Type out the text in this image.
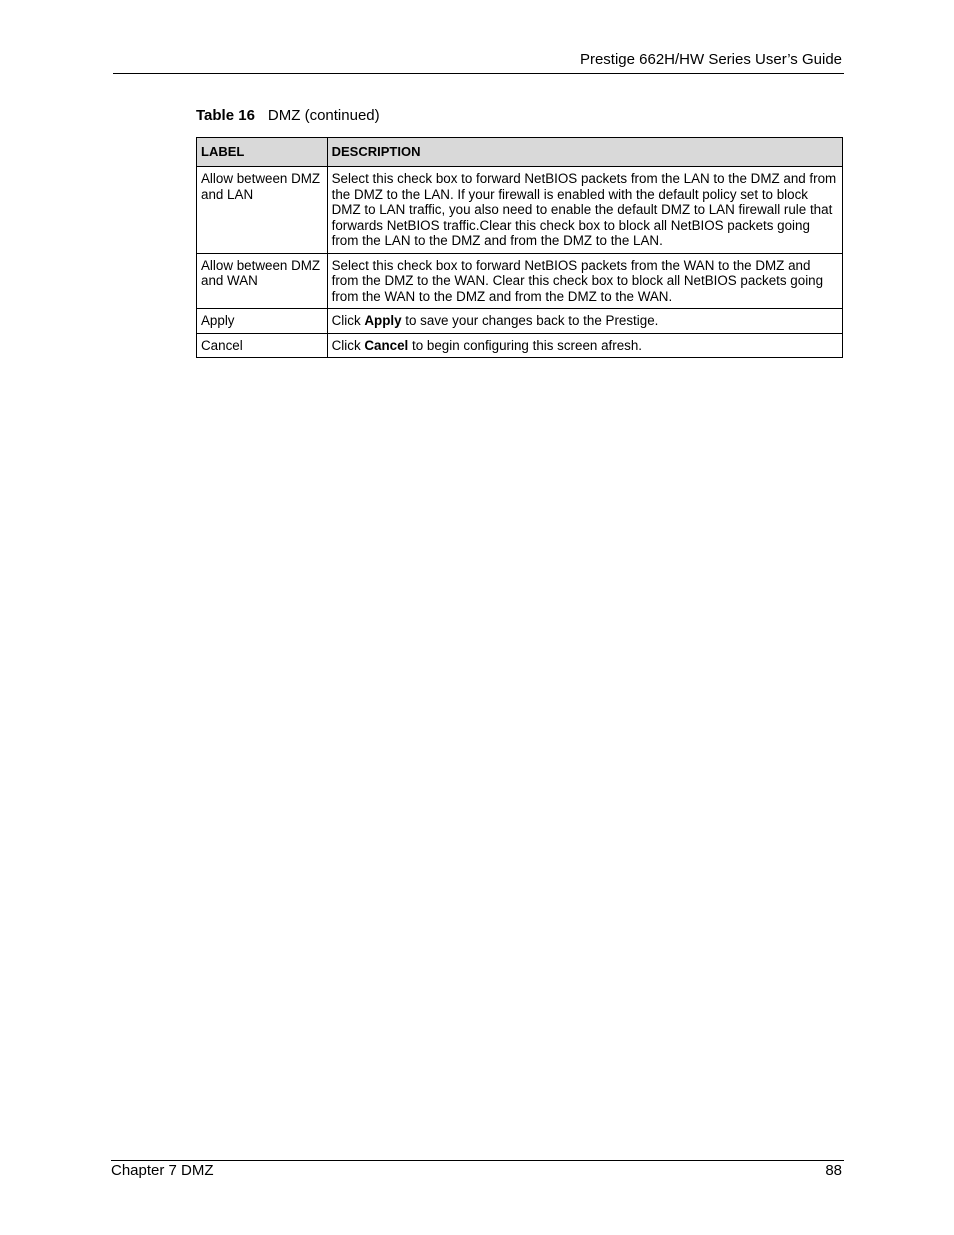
Prestige 662H/HW Series User’s Guide
Table 16 DMZ (continued)
LABEL	DESCRIPTION
Allow between DMZ and LAN	Select this check box to forward NetBIOS packets from the LAN to the DMZ and from the DMZ to the LAN. If your firewall is enabled with the default policy set to block DMZ to LAN traffic, you also need to enable the default DMZ to LAN firewall rule that forwards NetBIOS traffic.Clear this check box to block all NetBIOS packets going from the LAN to the DMZ and from the DMZ to the LAN.
Allow between DMZ and WAN	Select this check box to forward NetBIOS packets from the WAN to the DMZ and from the DMZ to the WAN. Clear this check box to block all NetBIOS packets going from the WAN to the DMZ and from the DMZ to the WAN.
Apply	Click Apply to save your changes back to the Prestige.
Cancel	Click Cancel to begin configuring this screen afresh.
Chapter 7 DMZ	88
